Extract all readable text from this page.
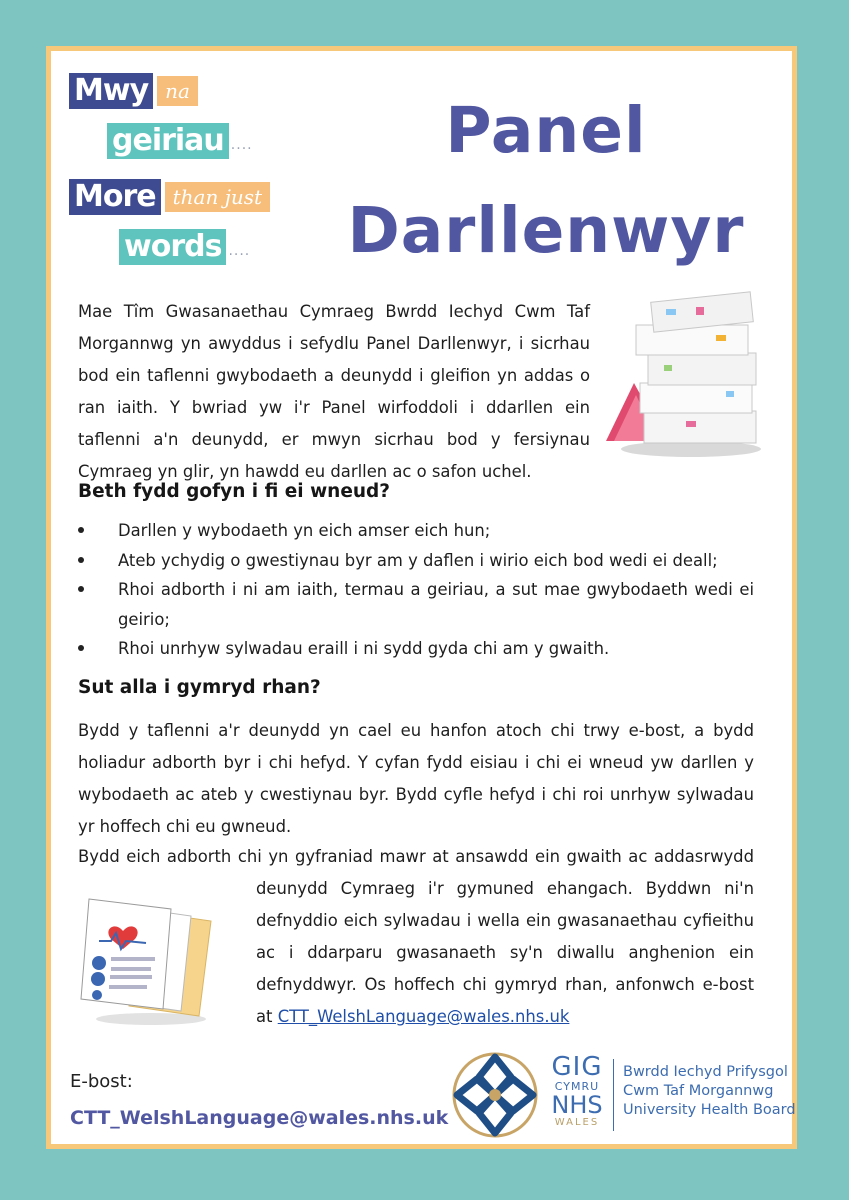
Mwy na
geiriau ....
More than just
words ....
Panel
Darllenwyr
Mae Tîm Gwasanaethau Cymraeg Bwrdd Iechyd Cwm Taf Morgannwg yn awyddus i sefydlu Panel Darllenwyr, i sicrhau bod ein taflenni gwybodaeth a deunydd i gleifion yn addas o ran iaith. Y bwriad yw i'r Panel wirfoddoli i ddarllen ein taflenni a'n deunydd, er mwyn sicrhau bod y fersiynau Cymraeg yn glir, yn hawdd eu darllen ac o safon uchel.
Beth fydd gofyn i fi ei wneud?
Darllen y wybodaeth yn eich amser eich hun;
Ateb ychydig o gwestiynau byr am y daflen i wirio eich bod wedi ei deall;
Rhoi adborth i ni am iaith, termau a geiriau, a sut mae gwybodaeth wedi ei geirio;
Rhoi unrhyw sylwadau eraill i ni sydd gyda chi am y gwaith.
Sut alla i gymryd rhan?
Bydd y taflenni a'r deunydd yn cael eu hanfon atoch chi trwy e-bost, a bydd holiadur adborth byr i chi hefyd. Y cyfan fydd eisiau i chi ei wneud yw darllen y wybodaeth ac ateb y cwestiynau byr. Bydd cyfle hefyd i chi roi unrhyw sylwadau yr hoffech chi eu gwneud.
Bydd eich adborth chi yn gyfraniad mawr at ansawdd ein gwaith ac addasrwydd
deunydd Cymraeg i'r gymuned ehangach. Byddwn ni'n defnyddio eich sylwadau i wella ein gwasanaethau cyfieithu ac i ddarparu gwasanaeth sy'n diwallu anghenion ein defnyddwyr. Os hoffech chi gymryd rhan, anfonwch e-bost at CTT_WelshLanguage@wales.nhs.uk
E-bost:
CTT_WelshLanguage@wales.nhs.uk
GIG
CYMRU
NHS
WALES
Bwrdd Iechyd Prifysgol
Cwm Taf Morgannwg
University Health Board
